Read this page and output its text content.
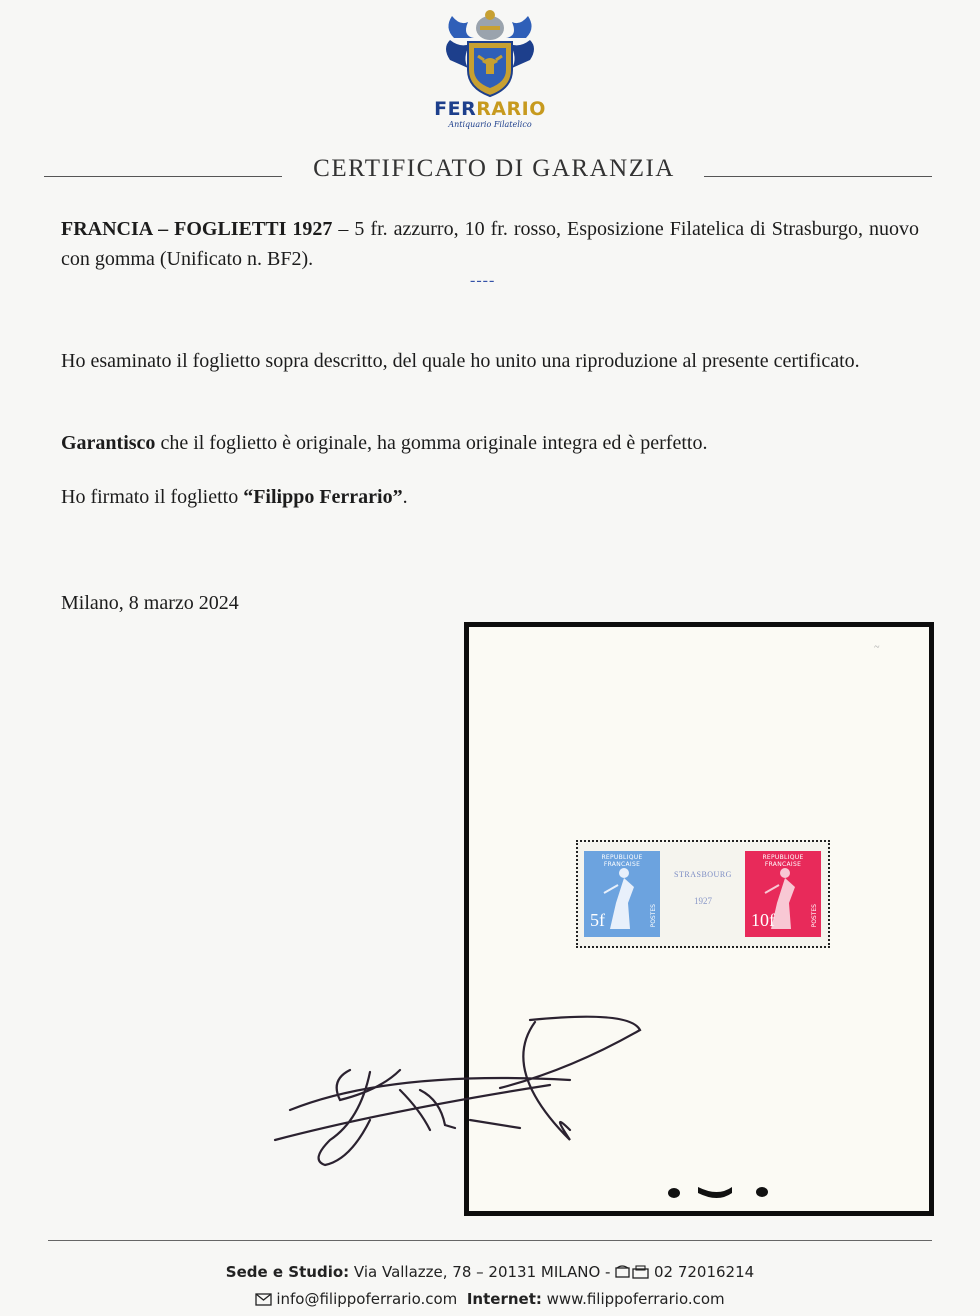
FERRARIO
Antiquario Filatelico
CERTIFICATO DI GARANZIA
FRANCIA – FOGLIETTI 1927 – 5 fr. azzurro, 10 fr. rosso, Esposizione Filatelica di Strasburgo, nuovo con gomma (Unificato n. BF2).
----
Ho esaminato il foglietto sopra descritto, del quale ho unito una riproduzione al presente certificato.
Garantisco che il foglietto è originale, ha gomma originale integra ed è perfetto.
Ho firmato il foglietto “Filippo Ferrario”.
Milano, 8 marzo 2024
~
REPUBLIQUE FRANCAISE
5f	POSTES
STRASBOURG
1927
REPUBLIQUE FRANCAISE
10f	POSTES
Sede e Studio: Via Vallazze, 78 – 20131 MILANO -  02 72016214
info@filippoferrario.com Internet: www.filippoferrario.com
